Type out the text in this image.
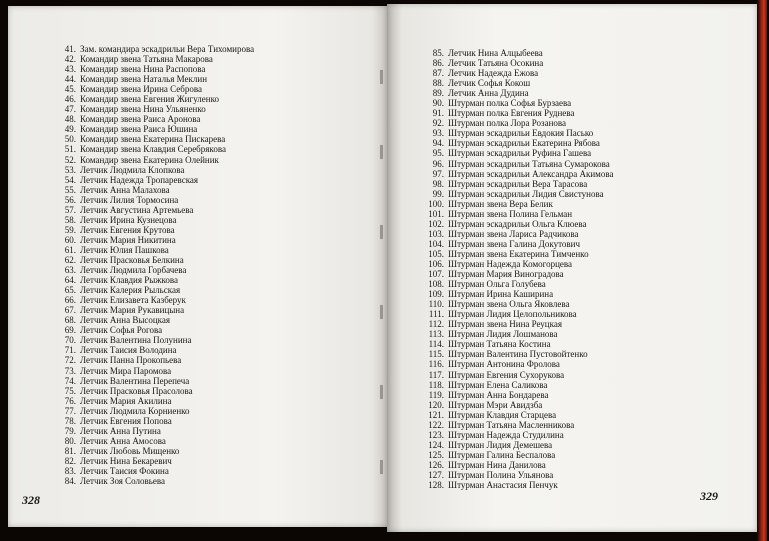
41. Зам. командира эскадрильи Вера Тихомирова
42. Командир звена Татьяна Макарова
43. Командир звена Нина Распопова
44. Командир звена Наталья Меклин
45. Командир звена Ирина Себрова
46. Командир звена Евгения Жигуленко
47. Командир звена Нина Ульяненко
48. Командир звена Раиса Аронова
49. Командир звена Раиса Юшина
50. Командир звена Екатерина Пискарева
51. Командир звена Клавдия Серебрякова
52. Командир звена Екатерина Олейник
53. Летчик Людмила Клопкова
54. Летчик Надежда Тропаревская
55. Летчик Анна Малахова
56. Летчик Лилия Тормосина
57. Летчик Августина Артемьева
58. Летчик Ирина Кузнецова
59. Летчик Евгения Крутова
60. Летчик Мария Никитина
61. Летчик Юлия Пашкова
62. Летчик Прасковья Белкина
63. Летчик Людмила Горбачева
64. Летчик Клавдия Рыжкова
65. Летчик Калерия Рыльская
66. Летчик Елизавета Казберук
67. Летчик Мария Рукавицына
68. Летчик Анна Высоцкая
69. Летчик Софья Рогова
70. Летчик Валентина Полунина
71. Летчик Таисия Володина
72. Летчик Панна Прокопьева
73. Летчик Мира Паромова
74. Летчик Валентина Перепеча
75. Летчик Прасковья Прасолова
76. Летчик Мария Акилина
77. Летчик Людмила Корниенко
78. Летчик Евгения Попова
79. Летчик Анна Путина
80. Летчик Анна Амосова
81. Летчик Любовь Мищенко
82. Летчик Нина Бекаревич
83. Летчик Таисия Фокина
84. Летчик Зоя Соловьева
85. Летчик Нина Алцыбеева
86. Летчик Татьяна Осокина
87. Летчик Надежда Ежова
88. Летчик Софья Кокош
89. Летчик Анна Дудина
90. Штурман полка Софья Бурзаева
91. Штурман полка Евгения Руднева
92. Штурман полка Лора Розанова
93. Штурман эскадрильи Евдокия Пасько
94. Штурман эскадрильи Екатерина Рябова
95. Штурман эскадрильи Руфина Гашева
96. Штурман эскадрильи Татьяна Сумарокова
97. Штурман эскадрильи Александра Акимова
98. Штурман эскадрильи Вера Тарасова
99. Штурман эскадрильи Лидия Свистунова
100. Штурман звена Вера Белик
101. Штурман звена Полина Гельман
102. Штурман эскадрильи Ольга Клюева
103. Штурман звена Лариса Радчикова
104. Штурман звена Галина Докутович
105. Штурман звена Екатерина Тимченко
106. Штурман Надежда Комогорцева
107. Штурман Мария Виноградова
108. Штурман Ольга Голубева
109. Штурман Ирина Каширина
110. Штурман звена Ольга Яковлева
111. Штурман Лидия Целопольникова
112. Штурман звена Нина Реуцкая
113. Штурман Лидия Лошманова
114. Штурман Татьяна Костина
115. Штурман Валентина Пустовойтенко
116. Штурман Антонина Фролова
117. Штурман Евгения Сухорукова
118. Штурман Елена Саликова
119. Штурман Анна Бондарева
120. Штурман Мэри Авидзба
121. Штурман Клавдия Старцева
122. Штурман Татьяна Масленникова
123. Штурман Надежда Студилина
124. Штурман Лидия Демешева
125. Штурман Галина Беспалова
126. Штурман Нина Данилова
127. Штурман Полина Ульянова
128. Штурман Анастасия Пенчук
328	329
